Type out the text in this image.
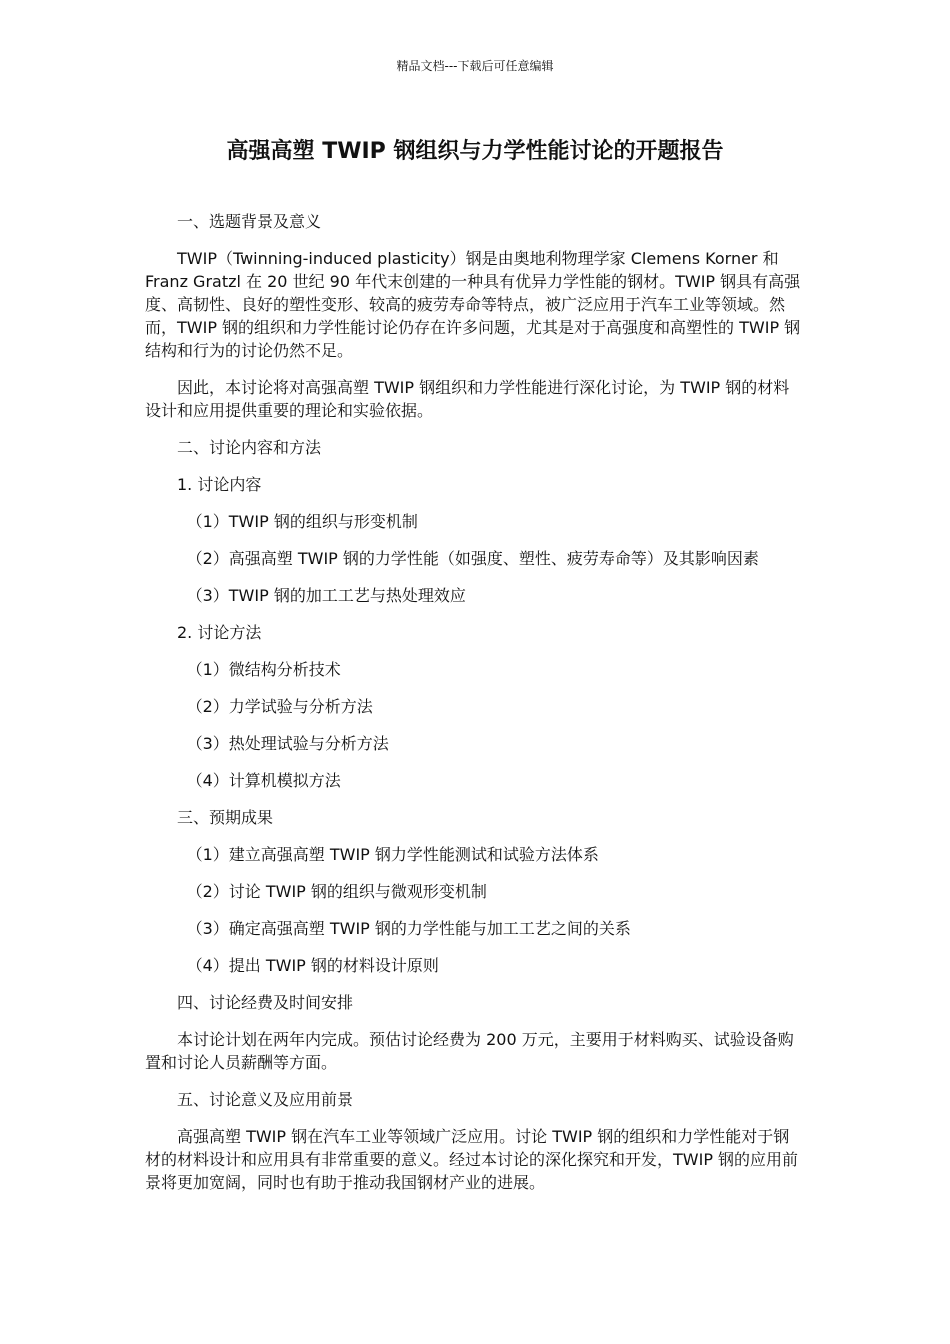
精品文档---下载后可任意编辑
高强高塑 TWIP 钢组织与力学性能讨论的开题报告

一、选题背景及意义

TWIP（Twinning-induced plasticity）钢是由奥地利物理学家 Clemens Korner 和 Franz Gratzl 在 20 世纪 90 年代末创建的一种具有优异力学性能的钢材。TWIP 钢具有高强度、高韧性、良好的塑性变形、较高的疲劳寿命等特点，被广泛应用于汽车工业等领域。然而，TWIP 钢的组织和力学性能讨论仍存在许多问题，尤其是对于高强度和高塑性的 TWIP 钢结构和行为的讨论仍然不足。

因此，本讨论将对高强高塑 TWIP 钢组织和力学性能进行深化讨论，为 TWIP 钢的材料设计和应用提供重要的理论和实验依据。

二、讨论内容和方法

1. 讨论内容

（1）TWIP 钢的组织与形变机制

（2）高强高塑 TWIP 钢的力学性能（如强度、塑性、疲劳寿命等）及其影响因素

（3）TWIP 钢的加工工艺与热处理效应

2. 讨论方法

（1）微结构分析技术

（2）力学试验与分析方法

（3）热处理试验与分析方法

（4）计算机模拟方法

三、预期成果

（1）建立高强高塑 TWIP 钢力学性能测试和试验方法体系

（2）讨论 TWIP 钢的组织与微观形变机制

（3）确定高强高塑 TWIP 钢的力学性能与加工工艺之间的关系

（4）提出 TWIP 钢的材料设计原则

四、讨论经费及时间安排

本讨论计划在两年内完成。预估讨论经费为 200 万元，主要用于材料购买、试验设备购置和讨论人员薪酬等方面。

五、讨论意义及应用前景

高强高塑 TWIP 钢在汽车工业等领域广泛应用。讨论 TWIP 钢的组织和力学性能对于钢材的材料设计和应用具有非常重要的意义。经过本讨论的深化探究和开发，TWIP 钢的应用前景将更加宽阔，同时也有助于推动我国钢材产业的进展。
